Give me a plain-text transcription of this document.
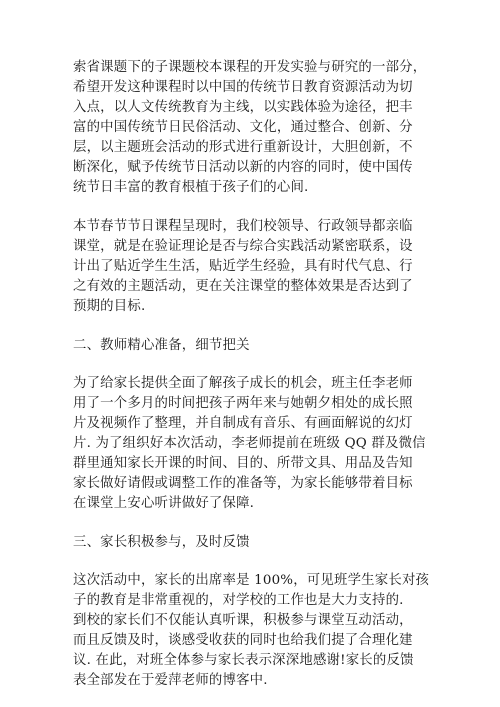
索省课题下的子课题校本课程的开发实验与研究的一部分，
希望开发这种课程时以中国的传统节日教育资源活动为切
入点，以人文传统教育为主线，以实践体验为途径，把丰
富的中国传统节日民俗活动、文化，通过整合、创新、分
层，以主题班会活动的形式进行重新设计，大胆创新，不
断深化，赋予传统节日活动以新的内容的同时，使中国传
统节日丰富的教育根植于孩子们的心间.
本节春节节日课程呈现时，我们校领导、行政领导都亲临
课堂，就是在验证理论是否与综合实践活动紧密联系，设
计出了贴近学生生活，贴近学生经验，具有时代气息、行
之有效的主题活动，更在关注课堂的整体效果是否达到了
预期的目标.
二、教师精心准备，细节把关
为了给家长提供全面了解孩子成长的机会，班主任李老师
用了一个多月的时间把孩子两年来与她朝夕相处的成长照
片及视频作了整理，并自制成有音乐、有画面解说的幻灯
片. 为了组织好本次活动，李老师提前在班级 QQ 群及微信
群里通知家长开课的时间、目的、所带文具、用品及告知
家长做好请假或调整工作的准备等，为家长能够带着目标
在课堂上安心听讲做好了保障.
三、家长积极参与，及时反馈
这次活动中，家长的出席率是 100%，可见班学生家长对孩
子的教育是非常重视的，对学校的工作也是大力支持的.
到校的家长们不仅能认真听课，积极参与课堂互动活动，
而且反馈及时，谈感受收获的同时也给我们提了合理化建
议. 在此，对班全体参与家长表示深深地感谢!家长的反馈
表全部发在于爱萍老师的博客中.
